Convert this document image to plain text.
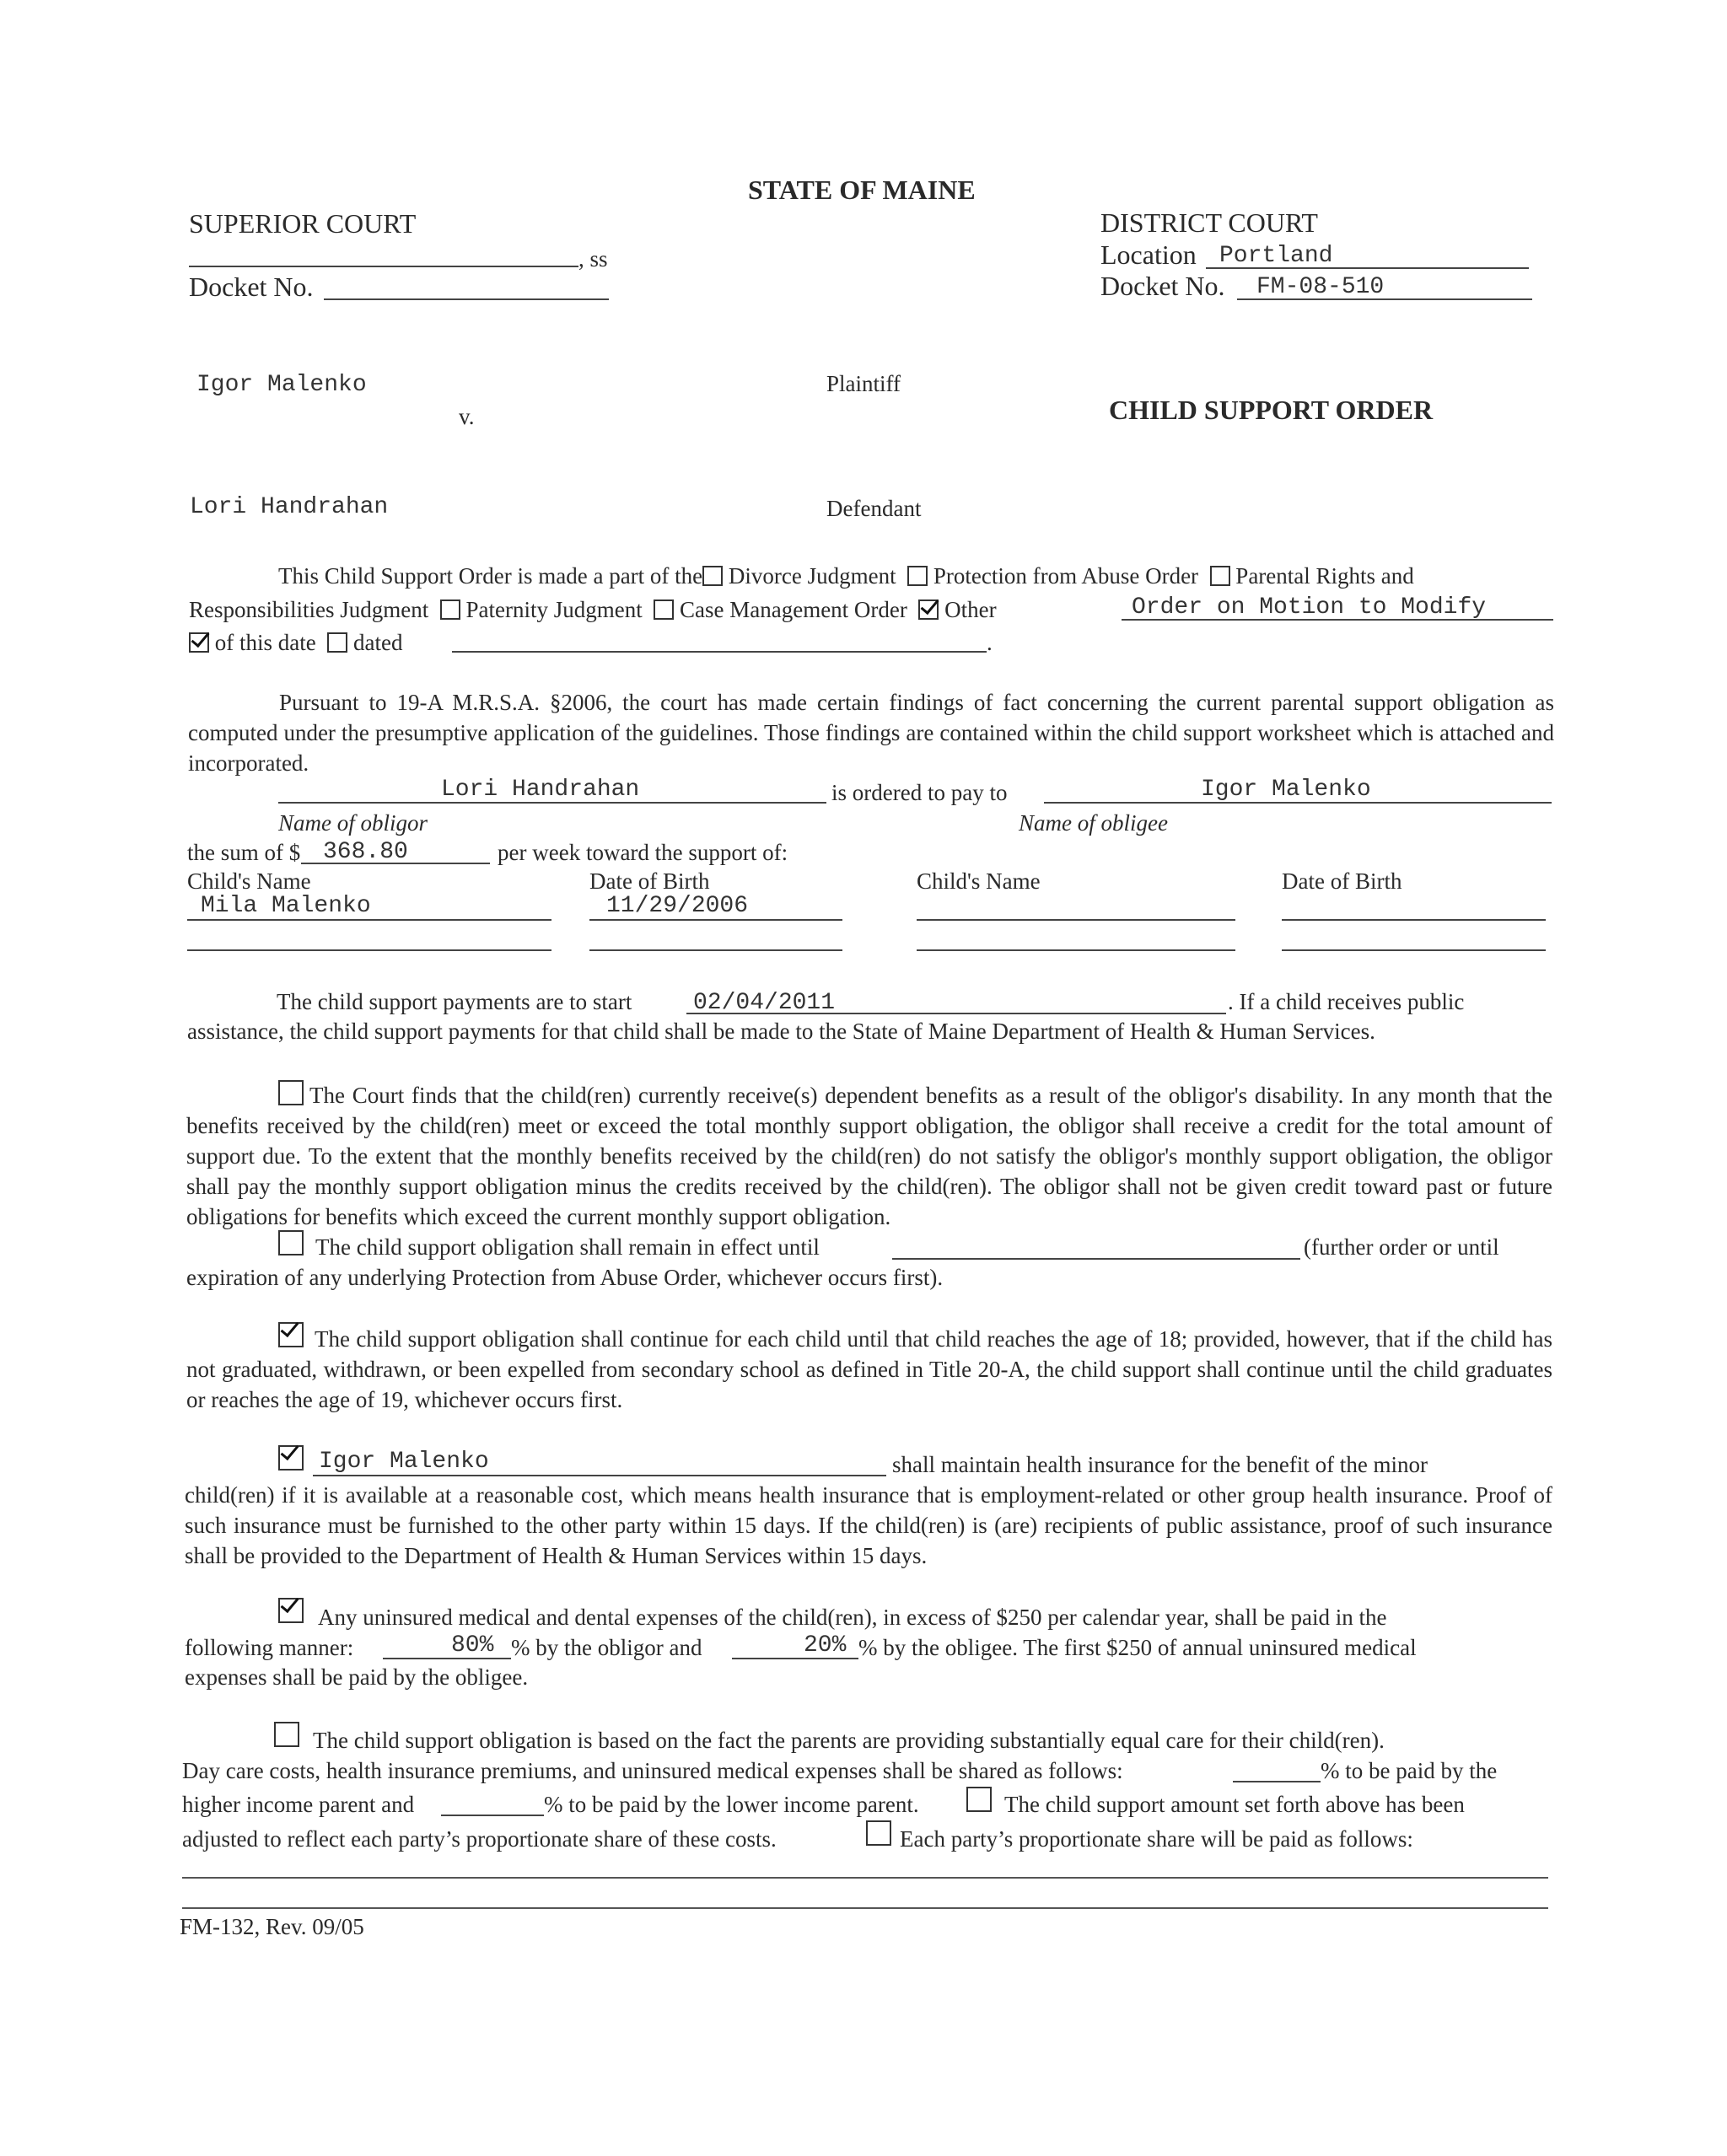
STATE OF MAINE
SUPERIOR COURT
, ss
Docket No.
DISTRICT COURT
Location Portland
Docket No. FM-08-510
Igor Malenko	Plaintiff
v.	CHILD SUPPORT ORDER
Lori Handrahan	Defendant
This Child Support Order is made a part of the Divorce Judgment Protection from Abuse Order Parental Rights and
Responsibilities Judgment Paternity Judgment Case Management Order Other	Order on Motion to Modify
of this date dated	.
Pursuant to 19-A M.R.S.A. §2006, the court has made certain findings of fact concerning the current parental support obligation as computed under the presumptive application of the guidelines. Those findings are contained within the child support worksheet which is attached and incorporated.
Lori Handrahan	is ordered to pay to	Igor Malenko
Name of obligor	Name of obligee
the sum of $ 368.80	per week toward the support of:
Child's Name	Date of Birth	Child's Name	Date of Birth
Mila Malenko	11/29/2006
The child support payments are to start	02/04/2011	. If a child receives public
assistance, the child support payments for that child shall be made to the State of Maine Department of Health & Human Services.
The Court finds that the child(ren) currently receive(s) dependent benefits as a result of the obligor's disability. In any month that the benefits received by the child(ren) meet or exceed the total monthly support obligation, the obligor shall receive a credit for the total amount of support due. To the extent that the monthly benefits received by the child(ren) do not satisfy the obligor's monthly support obligation, the obligor shall pay the monthly support obligation minus the credits received by the child(ren). The obligor shall not be given credit toward past or future obligations for benefits which exceed the current monthly support obligation.
The child support obligation shall remain in effect until	(further order or until
expiration of any underlying Protection from Abuse Order, whichever occurs first).
The child support obligation shall continue for each child until that child reaches the age of 18; provided, however, that if the child has not graduated, withdrawn, or been expelled from secondary school as defined in Title 20-A, the child support shall continue until the child graduates or reaches the age of 19, whichever occurs first.
Igor Malenko	shall maintain health insurance for the benefit of the minor
child(ren) if it is available at a reasonable cost, which means health insurance that is employment-related or other group health insurance. Proof of such insurance must be furnished to the other party within 15 days. If the child(ren) is (are) recipients of public assistance, proof of such insurance shall be provided to the Department of Health & Human Services within 15 days.
Any uninsured medical and dental expenses of the child(ren), in excess of $250 per calendar year, shall be paid in the
following manner:	80% % by the obligor and	20% % by the obligee. The first $250 of annual uninsured medical
expenses shall be paid by the obligee.
The child support obligation is based on the fact the parents are providing substantially equal care for their child(ren).
Day care costs, health insurance premiums, and uninsured medical expenses shall be shared as follows:	% to be paid by the
higher income parent and	% to be paid by the lower income parent.	The child support amount set forth above has been
adjusted to reflect each party’s proportionate share of these costs.	Each party’s proportionate share will be paid as follows:
FM-132, Rev. 09/05
